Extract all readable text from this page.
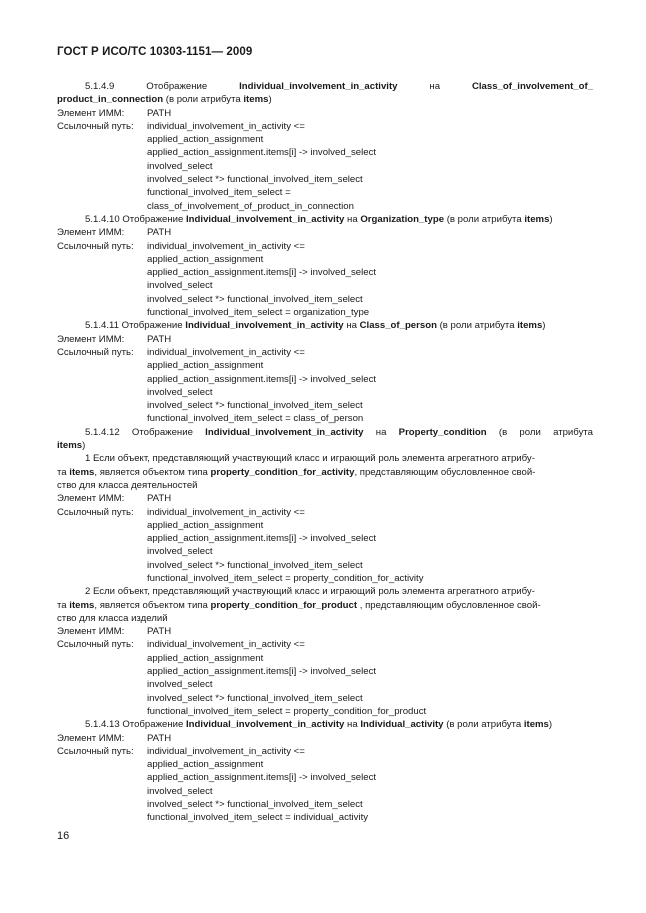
ГОСТ Р ИСО/ТС 10303-1151— 2009
5.1.4.9 Отображение	Individual_involvement_in_activity	на	Class_of_involvement_of_
product_in_connection (в роли атрибута items)
Элемент ИММ: PATH
Ссылочный путь: individual_involvement_in_activity <=
applied_action_assignment
applied_action_assignment.items[i] -> involved_select
involved_select
involved_select *> functional_involved_item_select
functional_involved_item_select =
class_of_involvement_of_product_in_connection
5.1.4.10 Отображение Individual_involvement_in_activity на Organization_type (в роли атрибута items)
Элемент ИММ: PATH
Ссылочный путь: individual_involvement_in_activity <=
applied_action_assignment
applied_action_assignment.items[i] -> involved_select
involved_select
involved_select *> functional_involved_item_select
functional_involved_item_select = organization_type
5.1.4.11 Отображение Individual_involvement_in_activity на Class_of_person (в роли атрибута items)
Элемент ИММ: PATH
Ссылочный путь: individual_involvement_in_activity <=
applied_action_assignment
applied_action_assignment.items[i] -> involved_select
involved_select
involved_select *> functional_involved_item_select
functional_involved_item_select = class_of_person
5.1.4.12 Отображение Individual_involvement_in_activity на Property_condition (в роли атрибута
items)
1 Если объект, представляющий участвующий класс и играющий роль элемента агрегатного атрибу-
та items, является объектом типа property_condition_for_activity, представляющим обусловленное свой-
ство для класса деятельностей
Элемент ИММ: PATH
Ссылочный путь: individual_involvement_in_activity <=
applied_action_assignment
applied_action_assignment.items[i] -> involved_select
involved_select
involved_select *> functional_involved_item_select
functional_involved_item_select = property_condition_for_activity
2 Если объект, представляющий участвующий класс и играющий роль элемента агрегатного атрибу-
та items, является объектом типа property_condition_for_product , представляющим обусловленное свой-
ство для класса изделий
Элемент ИММ: PATH
Ссылочный путь: individual_involvement_in_activity <=
applied_action_assignment
applied_action_assignment.items[i] -> involved_select
involved_select
involved_select *> functional_involved_item_select
functional_involved_item_select = property_condition_for_product
5.1.4.13 Отображение Individual_involvement_in_activity на Individual_activity (в роли атрибута items)
Элемент ИММ: PATH
Ссылочный путь: individual_involvement_in_activity <=
applied_action_assignment
applied_action_assignment.items[i] -> involved_select
involved_select
involved_select *> functional_involved_item_select
functional_involved_item_select = individual_activity
16
